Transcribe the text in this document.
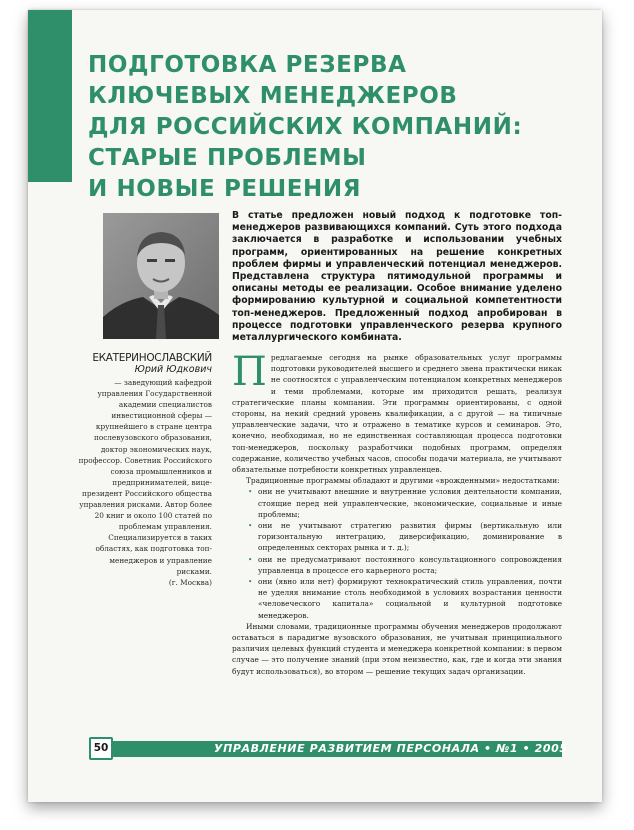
ПОДГОТОВКА РЕЗЕРВА
КЛЮЧЕВЫХ МЕНЕДЖЕРОВ
ДЛЯ РОССИЙСКИХ КОМПАНИЙ:
СТАРЫЕ ПРОБЛЕМЫ
И НОВЫЕ РЕШЕНИЯ
В статье предложен новый подход к подготовке топ-менеджеров развивающихся компаний. Суть этого подхода заключается в разработке и использовании учебных программ, ориентированных на решение конкретных проблем фирмы и управленческий потенциал менеджеров. Представлена структура пятимодульной программы и описаны методы ее реализации. Особое внимание уделено формированию культурной и социальной компетентности топ-менеджеров. Предложенный подход апробирован в процессе подготовки управленческого резерва крупного металлургического комбината.
ЕКАТЕРИНОСЛАВСКИЙ
Юрий Юдкович
— заведующий кафедрой управления Государственной академии специалистов инвестиционной сферы — крупнейшего в стране центра послевузовского образования, доктор экономических наук, профессор. Советник Российского союза промышленников и предпринимателей, вице-президент Российского общества управления рисками. Автор более 20 книг и около 100 статей по проблемам управления. Специализируется в таких областях, как подготовка топ-менеджеров и управление рисками.
(г. Москва)

Предлагаемые сегодня на рынке образовательных услуг программы подготовки руководителей высшего и среднего звена практически никак не соотносятся с управленческим потенциалом конкретных менеджеров и теми проблемами, которые им приходится решать, реализуя стратегические планы компании. Эти программы ориентированы, с одной стороны, на некий средний уровень квалификации, а с другой — на типичные управленческие задачи, что и отражено в тематике курсов и семинаров. Это, конечно, необходимая, но не единственная составляющая процесса подготовки топ-менеджеров, поскольку разработчики подобных программ, определяя содержание, количество учебных часов, способы подачи материала, не учитывают обязательные потребности конкретных управленцев.

Традиционные программы обладают и другими «врожденными» недостатками:

• они не учитывают внешние и внутренние условия деятельности компании, стоящие перед ней управленческие, экономические, социальные и иные проблемы;
• они не учитывают стратегию развития фирмы (вертикальную или горизонтальную интеграцию, диверсификацию, доминирование в определенных секторах рынка и т. д.);
• они не предусматривают постоянного консультационного сопровождения управленца в процессе его карьерного роста;
• они (явно или нет) формируют технократический стиль управления, почти не уделяя внимание столь необходимой в условиях возрастания ценности «человеческого капитала» социальной и культурной подготовке менеджеров.

Иными словами, традиционные программы обучения менеджеров продолжают оставаться в парадигме вузовского образования, не учитывая принципиального различия целевых функций студента и менеджера конкретной компании: в первом случае — это получение знаний (при этом неизвестно, как, где и когда эти знания будут использоваться), во втором — решение текущих задач организации.

50	УПРАВЛЕНИЕ РАЗВИТИЕМ ПЕРСОНАЛА • №1 • 2005
